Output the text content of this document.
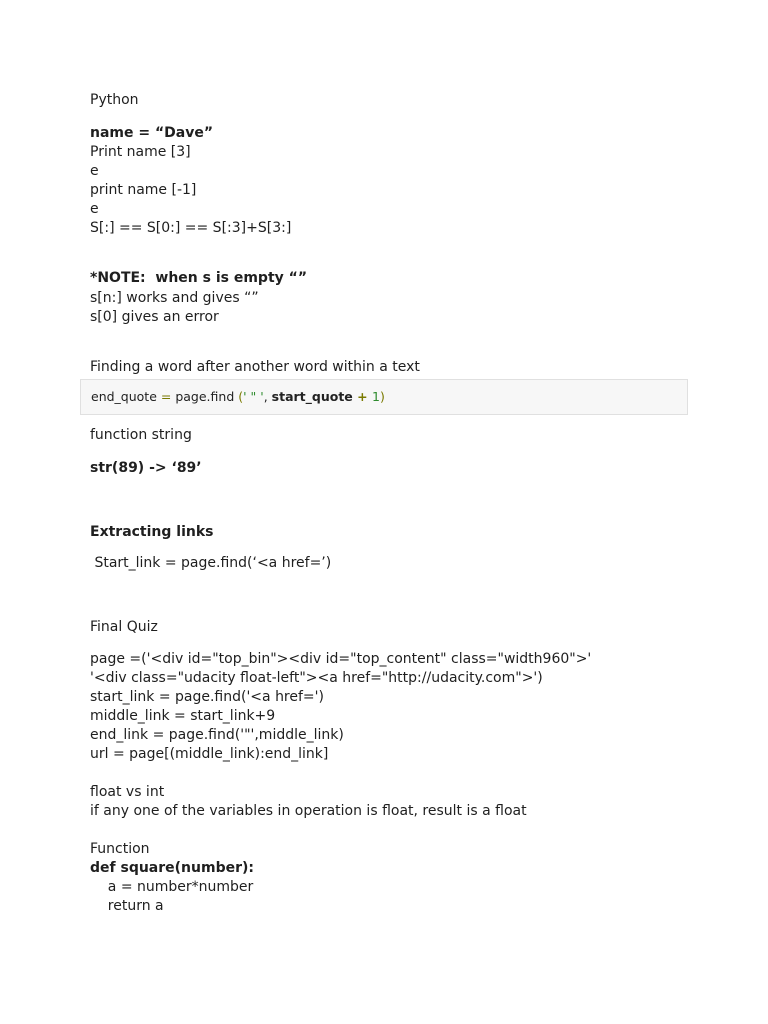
Python
name = “Dave”
Print name [3]
e
print name [-1]
e
S[:] == S[0:] == S[:3]+S[3:]
*NOTE:  when s is empty “”
s[n:] works and gives “”
s[0] gives an error
Finding a word after another word within a text
end_quote = page.find (' " ', start_quote + 1)
function string
str(89) -> ‘89’
Extracting links
Start_link = page.find(‘<a href=’)
Final Quiz
page =('<div id="top_bin"><div id="top_content" class="width960">'
'<div class="udacity float-left"><a href="http://udacity.com">')
start_link = page.find('<a href=')
middle_link = start_link+9
end_link = page.find('"',middle_link)
url = page[(middle_link):end_link]
float vs int
if any one of the variables in operation is float, result is a float
Function
def square(number):
a = number*number
return a
